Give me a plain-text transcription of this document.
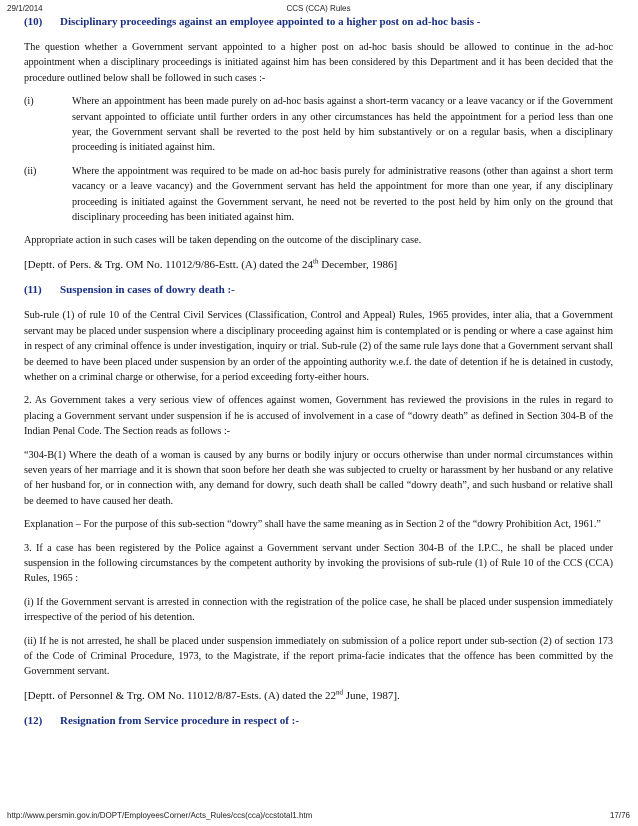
29/1/2014	CCS (CCA) Rules

(10) Disciplinary proceedings against an employee appointed to a higher post on ad-hoc basis -

The question whether a Government servant appointed to a higher post on ad-hoc basis should be allowed to continue in the ad-hoc appointment when a disciplinary proceedings is initiated against him has been considered by this Department and it has been decided that the procedure outlined below shall be followed in such cases :-

(i)	Where an appointment has been made purely on ad-hoc basis against a short-term vacancy or a leave vacancy or if the Government servant appointed to officiate until further orders in any other circumstances has held the appointment for a period less than one year, the Government servant shall be reverted to the post held by him substantively or on a regular basis, when a disciplinary proceeding is initiated against him.

(ii)	Where the appointment was required to be made on ad-hoc basis purely for administrative reasons (other than against a short term vacancy or a leave vacancy) and the Government servant has held the appointment for more than one year, if any disciplinary proceeding is initiated against the Government servant, he need not be reverted to the post held by him only on the ground that disciplinary proceeding has been initiated against him.

Appropriate action in such cases will be taken depending on the outcome of the disciplinary case.

[Deptt. of Pers. & Trg. OM No. 11012/9/86-Estt. (A) dated the 24th December, 1986]

(11) Suspension in cases of dowry death :-

Sub-rule (1) of rule 10 of the Central Civil Services (Classification, Control and Appeal) Rules, 1965 provides, inter alia, that a Government servant may be placed under suspension where a disciplinary proceeding against him is contemplated or is pending or where a case against him in respect of any criminal offence is under investigation, inquiry or trial. Sub-rule (2) of the same rule lays done that a Government servant shall be deemed to have been placed under suspension by an order of the appointing authority w.e.f. the date of detention if he is detained in custody, whether on a criminal charge or otherwise, for a period exceeding forty-either hours.

2. As Government takes a very serious view of offences against women, Government has reviewed the provisions in the rules in regard to placing a Government servant under suspension if he is accused of involvement in a case of “dowry death” as defined in Section 304-B of the Indian Penal Code. The Section reads as follows :-

“304-B(1) Where the death of a woman is caused by any burns or bodily injury or occurs otherwise than under normal circumstances within seven years of her marriage and it is shown that soon before her death she was subjected to cruelty or harassment by her husband or any relative of her husband for, or in connection with, any demand for dowry, such death shall be called “dowry death”, and such husband or relative shall be deemed to have caused her death.

Explanation – For the purpose of this sub-section “dowry” shall have the same meaning as in Section 2 of the “dowry Prohibition Act, 1961.”

3. If a case has been registered by the Police against a Government servant under Section 304-B of the I.P.C., he shall be placed under suspension in the following circumstances by the competent authority by invoking the provisions of sub-rule (1) of Rule 10 of the CCS (CCA) Rules, 1965 :

(i) If the Government servant is arrested in connection with the registration of the police case, he shall be placed under suspension immediately irrespective of the period of his detention.

(ii) If he is not arrested, he shall be placed under suspension immediately on submission of a police report under sub-section (2) of section 173 of the Code of Criminal Procedure, 1973, to the Magistrate, if the report prima-facie indicates that the offence has been committed by the Government servant.

[Deptt. of Personnel & Trg. OM No. 11012/8/87-Ests. (A) dated the 22nd June, 1987].

(12) Resignation from Service procedure in respect of :-

http://www.persmin.gov.in/DOPT/EmployeesCorner/Acts_Rules/ccs(cca)/ccstotal1.htm	17/76
